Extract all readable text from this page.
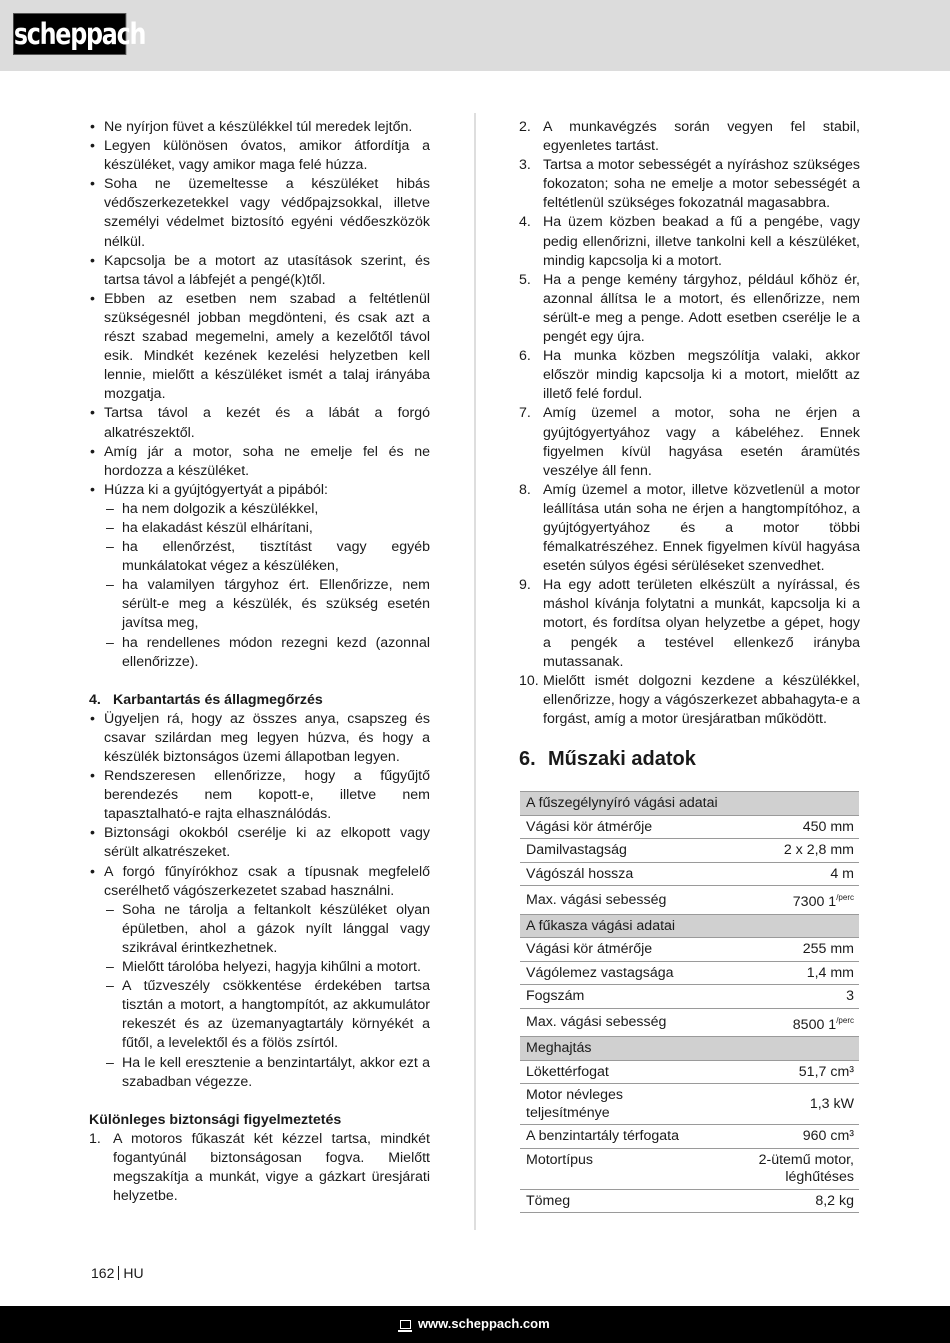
scheppach
• Ne nyírjon füvet a készülékkel túl meredek lejtőn.
• Legyen különösen óvatos, amikor átfordítja a készüléket, vagy amikor maga felé húzza.
• Soha ne üzemeltesse a készüléket hibás védőszerkezetekkel vagy védőpajzsokkal, illetve személyi védelmet biztosító egyéni védőeszközök nélkül.
• Kapcsolja be a motort az utasítások szerint, és tartsa távol a lábfejét a pengé(k)től.
• Ebben az esetben nem szabad a feltétlenül szükségesnél jobban megdönteni, és csak azt a részt szabad megemelni, amely a kezelőtől távol esik. Mindkét kezének kezelési helyzetben kell lennie, mielőtt a készüléket ismét a talaj irányába mozgatja.
• Tartsa távol a kezét és a lábát a forgó alkatrészektől.
• Amíg jár a motor, soha ne emelje fel és ne hordozza a készüléket.
• Húzza ki a gyújtógyertyát a pipából:
– ha nem dolgozik a készülékkel,
– ha elakadást készül elhárítani,
– ha ellenőrzést, tisztítást vagy egyéb munkálatokat végez a készüléken,
– ha valamilyen tárgyhoz ért. Ellenőrizze, nem sérült-e meg a készülék, és szükség esetén javítsa meg,
– ha rendellenes módon rezegni kezd (azonnal ellenőrizze).
4. Karbantartás és állagmegőrzés
• Ügyeljen rá, hogy az összes anya, csapszeg és csavar szilárdan meg legyen húzva, és hogy a készülék biztonságos üzemi állapotban legyen.
• Rendszeresen ellenőrizze, hogy a fűgyűjtő berendezés nem kopott-e, illetve nem tapasztalható-e rajta elhasználódás.
• Biztonsági okokból cserélje ki az elkopott vagy sérült alkatrészeket.
• A forgó fűnyírókhoz csak a típusnak megfelelő cserélhető vágószerkezetet szabad használni.
– Soha ne tárolja a feltankolt készüléket olyan épületben, ahol a gázok nyílt lánggal vagy szikrával érintkezhetnek.
– Mielőtt tárolóba helyezi, hagyja kihűlni a motort.
– A tűzveszély csökkentése érdekében tartsa tisztán a motort, a hangtompítót, az akkumulátor rekeszét és az üzemanyagtartály környékét a fűtől, a levelektől és a fölös zsírtól.
– Ha le kell eresztenie a benzintartályt, akkor ezt a szabadban végezze.
Különleges biztonsági figyelmeztetés
1. A motoros fűkaszát két kézzel tartsa, mindkét fogantyúnál biztonságosan fogva. Mielőtt megszakítja a munkát, vigye a gázkart üresjárati helyzetbe.
2. A munkavégzés során vegyen fel stabil, egyenletes tartást.
3. Tartsa a motor sebességét a nyíráshoz szükséges fokozaton; soha ne emelje a motor sebességét a feltétlenül szükséges fokozatnál magasabbra.
4. Ha üzem közben beakad a fű a pengébe, vagy pedig ellenőrizni, illetve tankolni kell a készüléket, mindig kapcsolja ki a motort.
5. Ha a penge kemény tárgyhoz, például kőhöz ér, azonnal állítsa le a motort, és ellenőrizze, nem sérült-e meg a penge. Adott esetben cserélje le a pengét egy újra.
6. Ha munka közben megszólítja valaki, akkor először mindig kapcsolja ki a motort, mielőtt az illető felé fordul.
7. Amíg üzemel a motor, soha ne érjen a gyújtógyertyához vagy a kábeléhez. Ennek figyelmen kívül hagyása esetén áramütés veszélye áll fenn.
8. Amíg üzemel a motor, illetve közvetlenül a motor leállítása után soha ne érjen a hangtompítóhoz, a gyújtógyertyához és a motor többi fémalkatrészéhez. Ennek figyelmen kívül hagyása esetén súlyos égési sérüléseket szenvedhet.
9. Ha egy adott területen elkészült a nyírással, és máshol kívánja folytatni a munkát, kapcsolja ki a motort, és fordítsa olyan helyzetbe a gépet, hogy a pengék a testével ellenkező irányba mutassanak.
10. Mielőtt ismét dolgozni kezdene a készülékkel, ellenőrizze, hogy a vágószerkezet abbahagyta-e a forgást, amíg a motor üresjáratban működött.
6. Műszaki adatok
A fűszegélynyíró vágási adatai	
Vágási kör átmérője	450 mm
Damilvastagság	2 x 2,8 mm
Vágószál hossza	4 m
Max. vágási sebesség	7300 $1^{/perc}$
A fűkasza vágási adatai	
Vágási kör átmérője	255 mm
Vágólemez vastagsága	1,4 mm
Fogszám	3
Max. vágási sebesség	8500 $1^{/perc}$
Meghajtás	
Lökettérfogat	51,7 cm³
Motor névleges teljesítménye	1,3 kW
A benzintartály térfogata	960 cm³
Motortípus	2-ütemű motor, léghűtéses
Tömeg	8,2 kg
162 HU
www.scheppach.com
